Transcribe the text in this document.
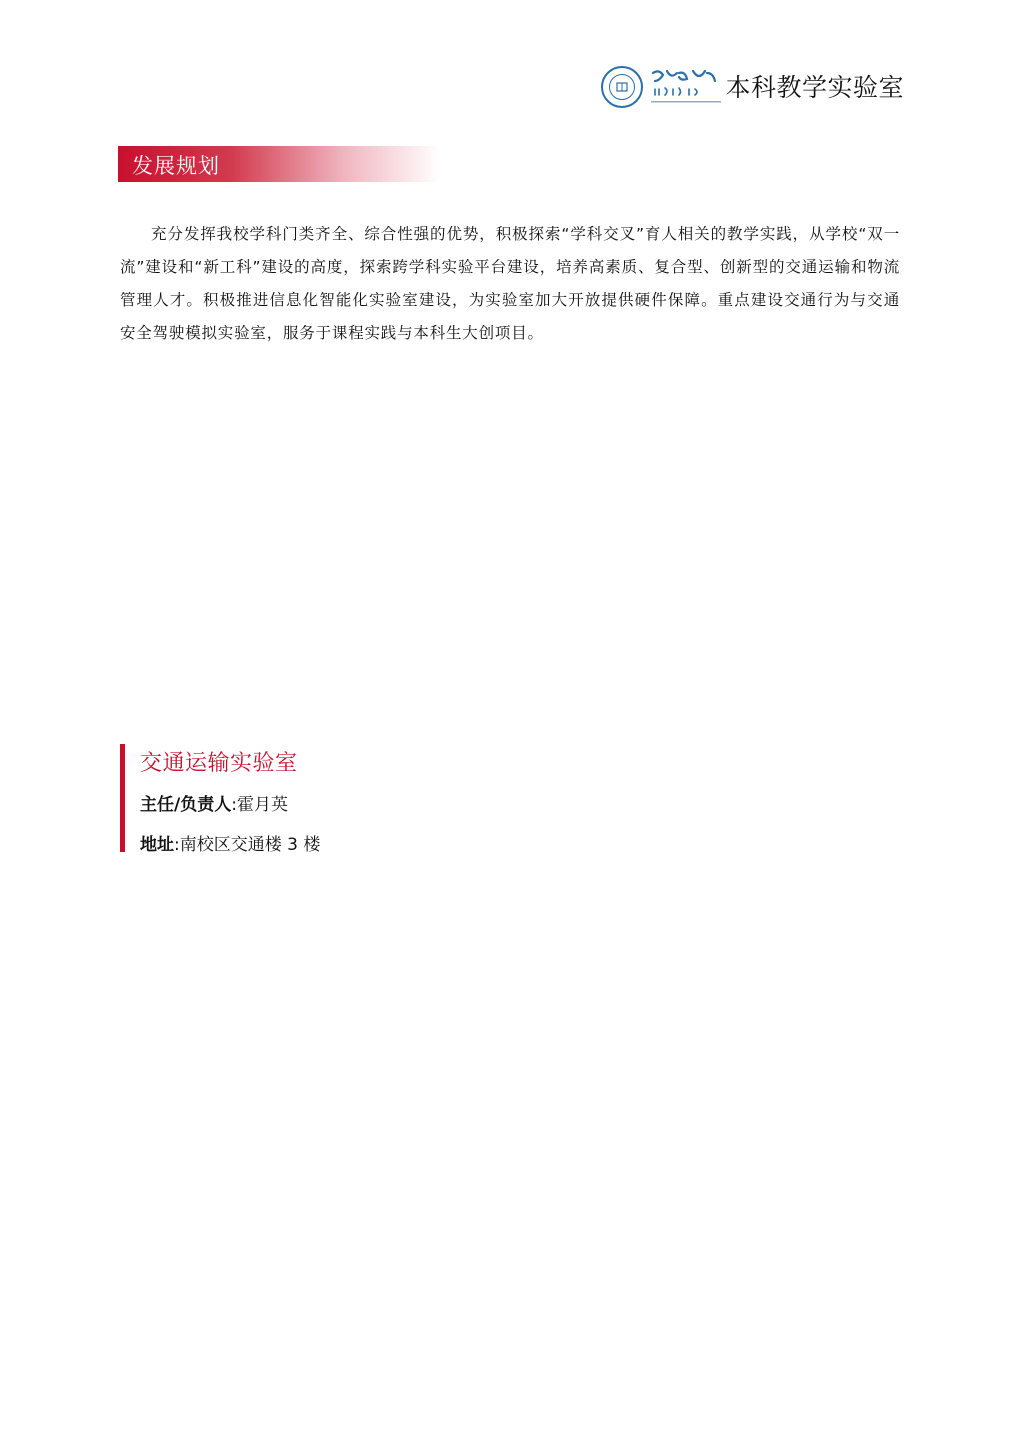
本科教学实验室
发展规划

充分发挥我校学科门类齐全、综合性强的优势，积极探索“学科交叉”育人相关的教学实践，从学校“双一流”建设和“新工科”建设的高度，探索跨学科实验平台建设，培养高素质、复合型、创新型的交通运输和物流管理人才。积极推进信息化智能化实验室建设，为实验室加大开放提供硬件保障。重点建设交通行为与交通安全驾驶模拟实验室，服务于课程实践与本科生大创项目。

交通运输实验室
主任/负责人:霍月英
地址:南校区交通楼 3 楼
